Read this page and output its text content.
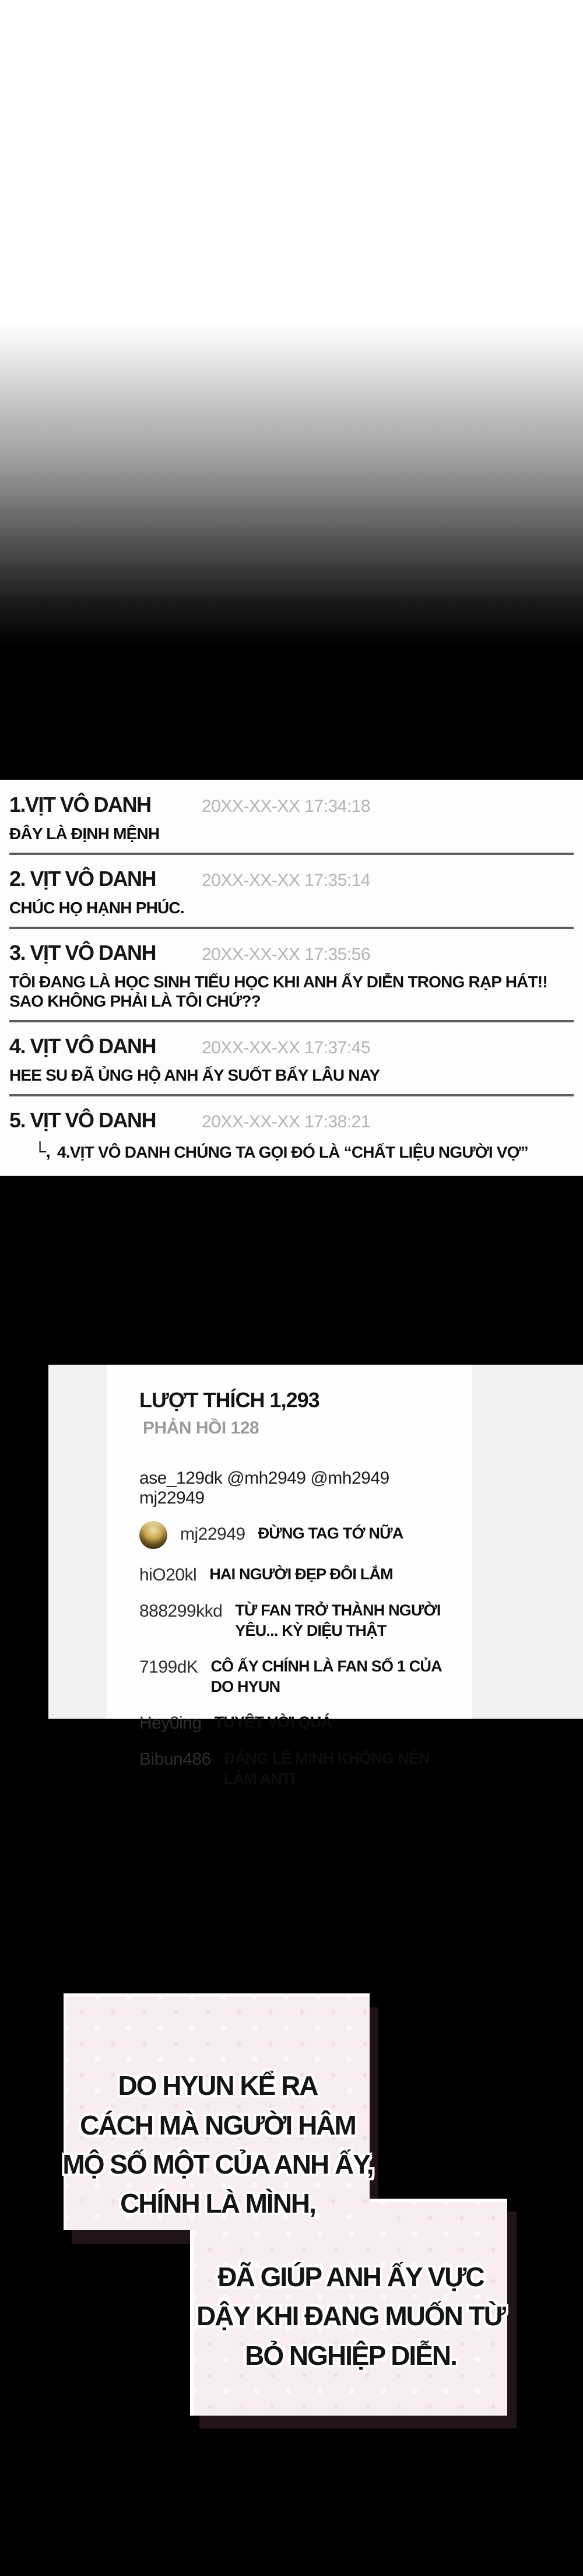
1.VỊT VÔ DANH	20XX-XX-XX 17:34:18
ĐÂY LÀ ĐỊNH MỆNH
2. VỊT VÔ DANH	20XX-XX-XX 17:35:14
CHÚC HỌ HẠNH PHÚC.
3. VỊT VÔ DANH	20XX-XX-XX 17:35:56
TÔI ĐANG LÀ HỌC SINH TIỂU HỌC KHI ANH ẤY DIỄN TRONG RẠP HÁT!! SAO KHÔNG PHẢI LÀ TÔI CHỨ??
4. VỊT VÔ DANH	20XX-XX-XX 17:37:45
HEE SU ĐÃ ỦNG HỘ ANH ẤY SUỐT BẤY LÂU NAY
5. VỊT VÔ DANH	20XX-XX-XX 17:38:21
└, 4.VỊT VÔ DANH CHÚNG TA GỌI ĐÓ LÀ “CHẤT LIỆU NGƯỜI VỢ”
LƯỢT THÍCH 1,293
PHẢN HỒI 128
ase_129dk @mh2949 @mh2949 mj22949
mj22949 ĐỪNG TAG TỚ NỮA
hiO20kl HAI NGƯỜI ĐẸP ĐÔI LẮM
888299kkd TỪ FAN TRỞ THÀNH NGƯỜI YÊU... KỲ DIỆU THẬT
7199dK CÔ ẤY CHÍNH LÀ FAN SỐ 1 CỦA DO HYUN
Hey0ing TUYỆT VỜI QUÁ
Bibun486 ĐÁNG LẼ MÌNH KHÔNG NÊN LÀM ANTI
ĐÃ GIÚP ANH ẤY VỰC
DẬY KHI ĐANG MUỐN TỪ
BỎ NGHIỆP DIỄN.
DO HYUN KỂ RA
CÁCH MÀ NGƯỜI HÂM
MỘ SỐ MỘT CỦA ANH ẤY,
CHÍNH LÀ MÌNH,
